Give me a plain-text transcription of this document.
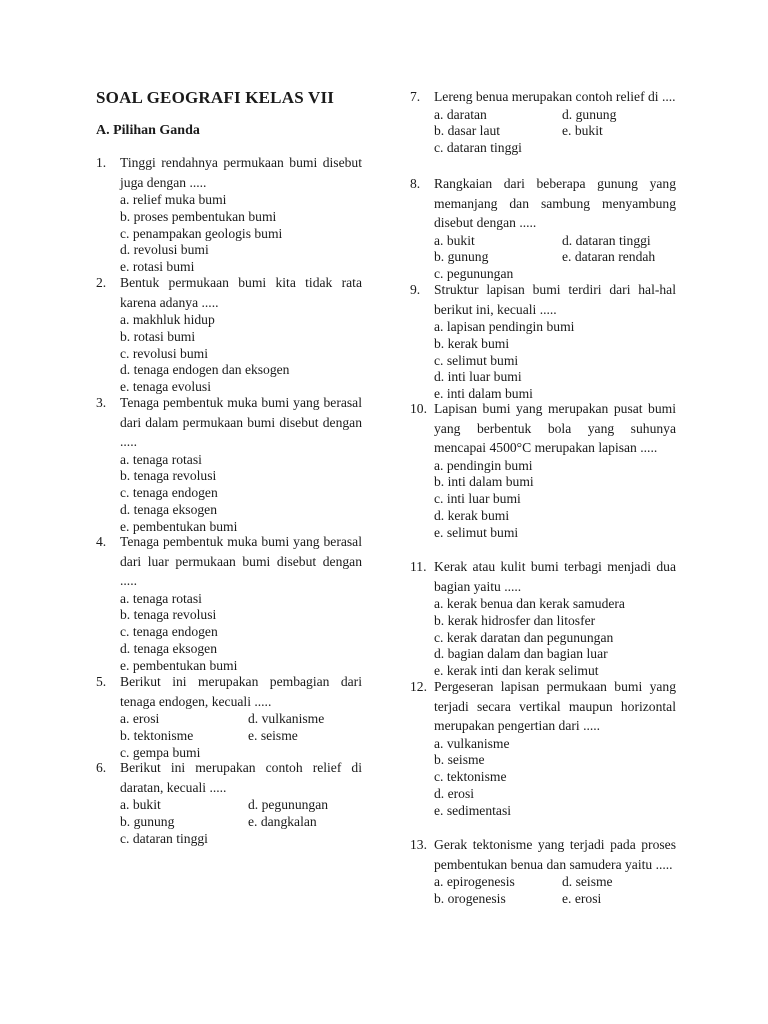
SOAL GEOGRAFI KELAS VII
A. Pilihan Ganda
1.	Tinggi rendahnya permukaan bumi disebut juga dengan .....
a. relief muka bumi
b. proses pembentukan bumi
c. penampakan geologis bumi
d. revolusi bumi
e. rotasi bumi
2.	Bentuk permukaan bumi kita tidak rata karena adanya .....
a. makhluk hidup
b. rotasi bumi
c. revolusi bumi
d. tenaga endogen dan eksogen
e. tenaga evolusi
3.	Tenaga pembentuk muka bumi yang berasal dari dalam permukaan bumi disebut dengan .....
a. tenaga rotasi
b. tenaga revolusi
c. tenaga endogen
d. tenaga eksogen
e. pembentukan bumi
4.	Tenaga pembentuk muka bumi yang berasal dari luar permukaan bumi disebut dengan .....
a. tenaga rotasi
b. tenaga revolusi
c. tenaga endogen
d. tenaga eksogen
e. pembentukan bumi
5.	Berikut ini merupakan pembagian dari tenaga endogen, kecuali .....
a. erosi	d. vulkanisme
b. tektonisme	e. seisme
c. gempa bumi
6.	Berikut ini merupakan contoh relief di daratan, kecuali .....
a. bukit	d. pegunungan
b. gunung	e. dangkalan
c. dataran tinggi
7.	Lereng benua merupakan contoh relief di ....
a. daratan	d. gunung
b. dasar laut	e. bukit
c. dataran tinggi
8.	Rangkaian dari beberapa gunung yang memanjang dan sambung menyambung disebut dengan .....
a. bukit	d. dataran tinggi
b. gunung	e. dataran rendah
c. pegunungan
9.	Struktur lapisan bumi terdiri dari hal-hal berikut ini, kecuali .....
a. lapisan pendingin bumi
b. kerak bumi
c. selimut bumi
d. inti luar bumi
e. inti dalam bumi
10. Lapisan bumi yang merupakan pusat bumi yang berbentuk bola yang suhunya mencapai 4500°C merupakan lapisan .....
a. pendingin bumi
b. inti dalam bumi
c. inti luar bumi
d. kerak bumi
e. selimut bumi
11. Kerak atau kulit bumi terbagi menjadi dua bagian yaitu .....
a. kerak benua dan kerak samudera
b. kerak hidrosfer dan litosfer
c. kerak daratan dan pegunungan
d. bagian dalam dan bagian luar
e. kerak inti dan kerak selimut
12. Pergeseran lapisan permukaan bumi yang terjadi secara vertikal maupun horizontal merupakan pengertian dari .....
a. vulkanisme
b. seisme
c. tektonisme
d. erosi
e. sedimentasi
13. Gerak tektonisme yang terjadi pada proses pembentukan benua dan samudera yaitu .....
a. epirogenesis	d. seisme
b. orogenesis	e. erosi
